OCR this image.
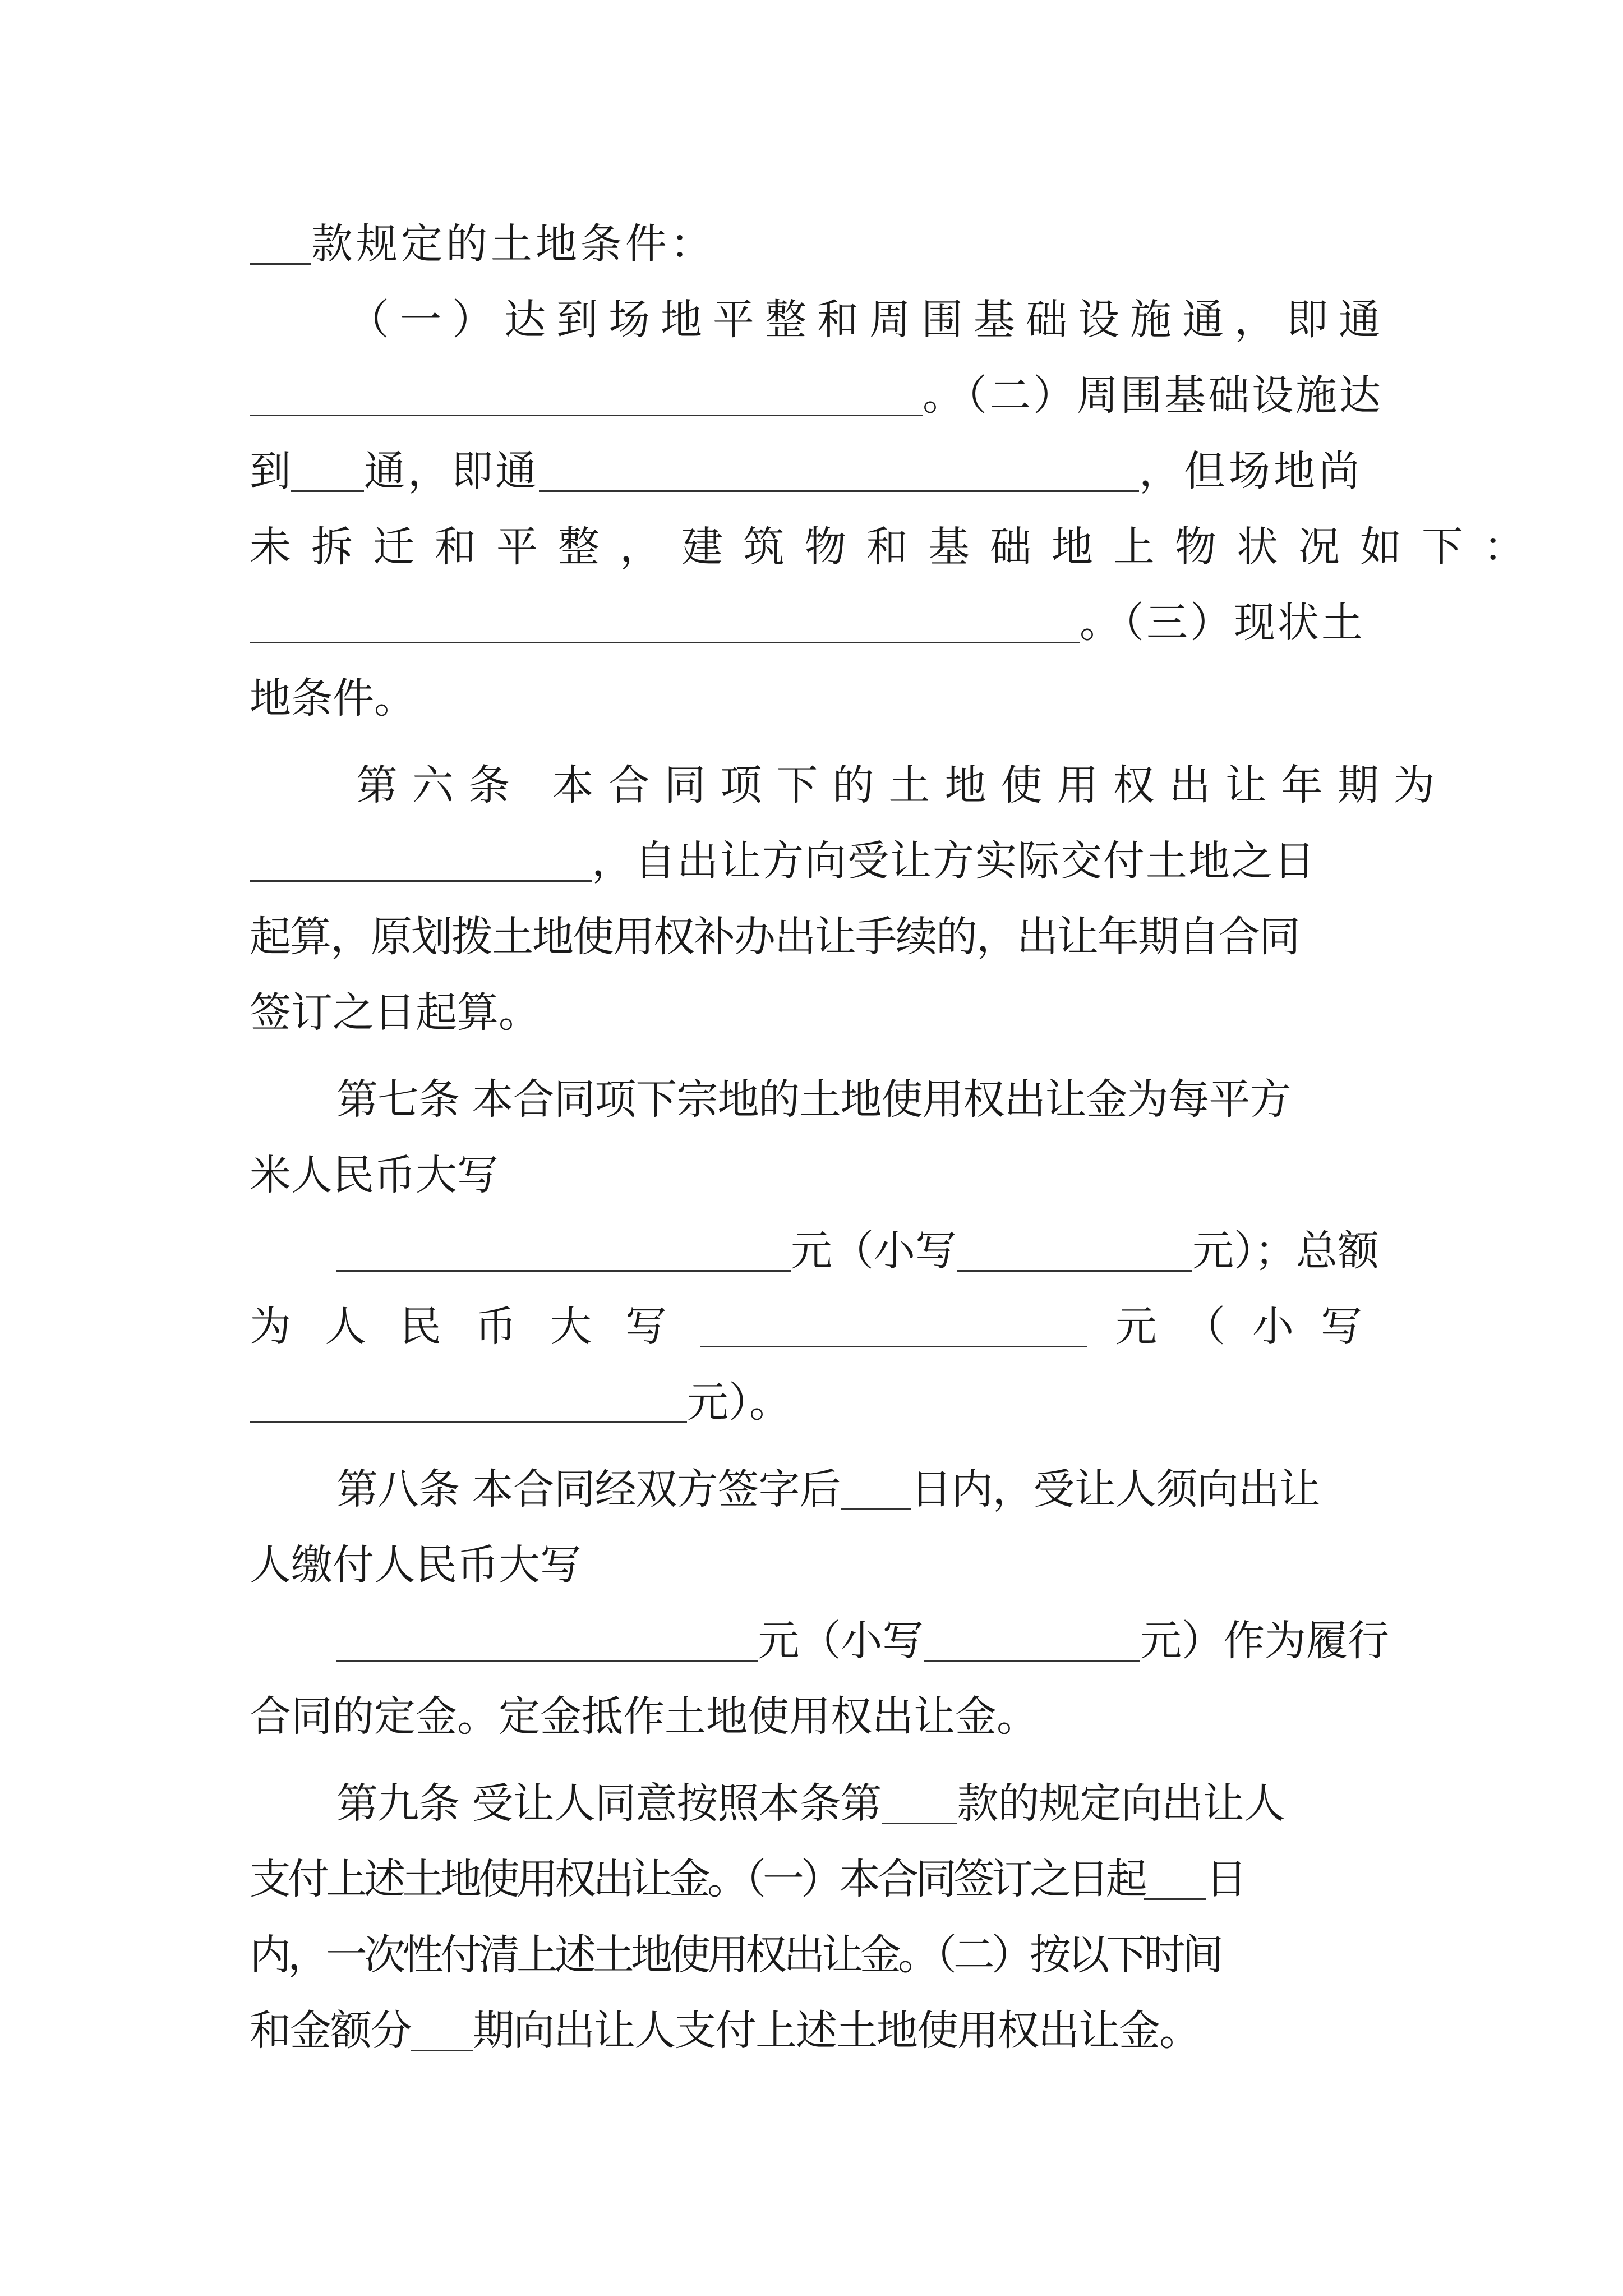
款规定的土地条件：
（一）达到场地平整和周围基础设施 通，即通
。（二）周围基础设施达
到 通，即通	，但场地尚
未拆迁和平整，建筑物和基础地上物状况如下：
。（三）现状土
地条件。
第六条 本合同项下的土地使用权出让年期为
，自出让方向受让方实际交付土地之日
起算，原划拨土地使用权补办出让手续的，出让年期自合同
签订之日起算。
第七条 本合同项下宗地的土地使用权出让金为每平方
米人民币大写
元（小写	元）；总额
为人民币大写	元（小写
元）。
第八条 本合同经双方签字后 日内，受让人须向出让
人缴付人民币大写
元（小写	元）作为履行
合同的定金。定金抵作土地使用权出让金。
第九条 受让人同意按照本条第 款的规定向出让人
支付上述土地使用权出让金。（一）本合同签订之日起 日
内，一次性付清上述土地使用权出让金。（二）按以下时间
和金额分 期向出让人支付上述土地使用权出让金。
